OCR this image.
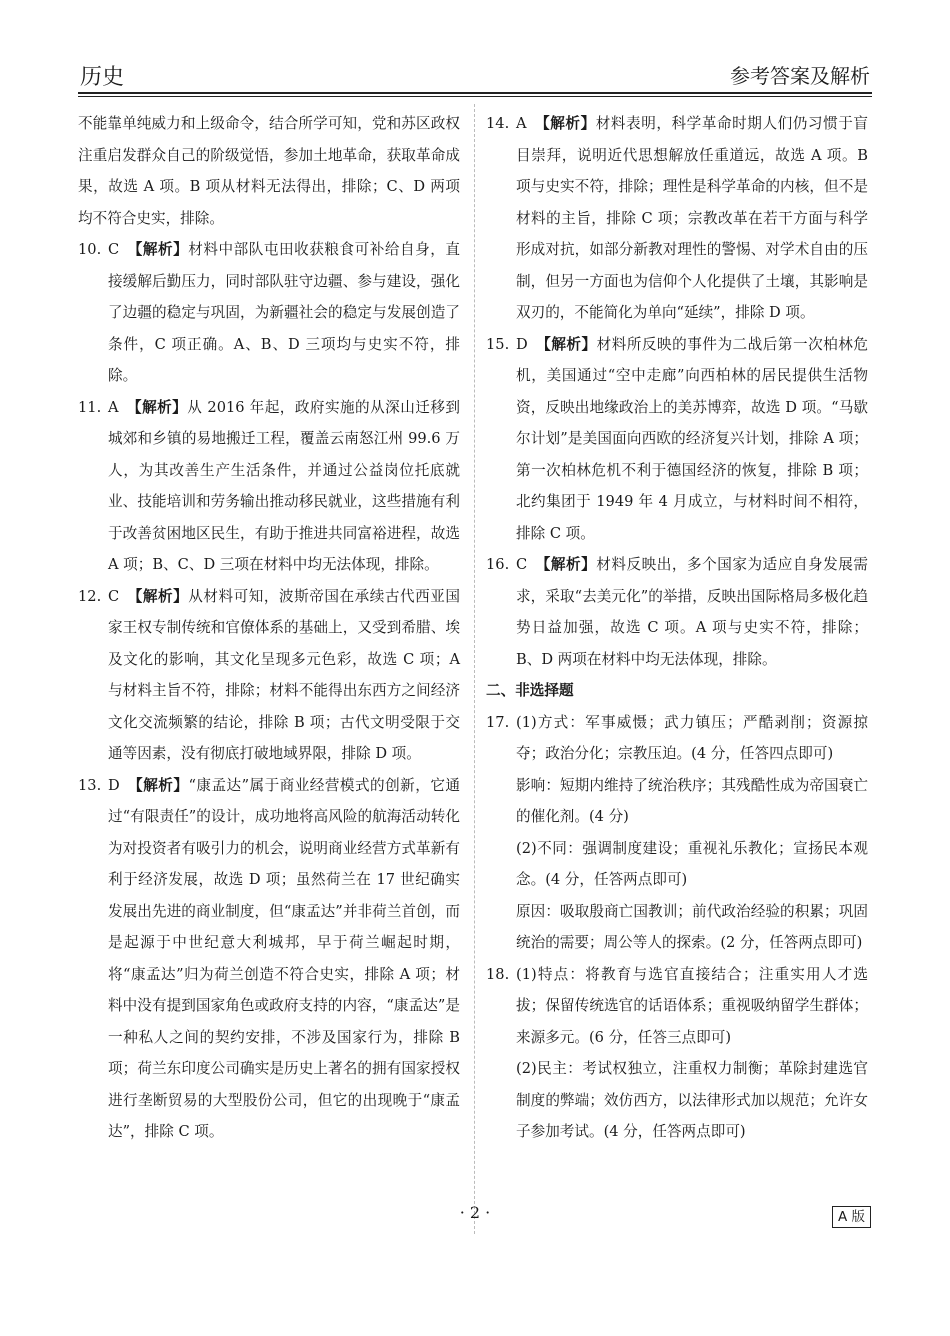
历史	参考答案及解析
不能靠单纯威力和上级命令，结合所学可知，党和苏区政权注重启发群众自己的阶级觉悟，参加土地革命，获取革命成果，故选 A 项。B 项从材料无法得出，排除；C、D 两项均不符合史实，排除。
10. C 【解析】材料中部队屯田收获粮食可补给自身，直接缓解后勤压力，同时部队驻守边疆、参与建设，强化了边疆的稳定与巩固，为新疆社会的稳定与发展创造了条件，C 项正确。A、B、D 三项均与史实不符，排除。
11. A 【解析】从 2016 年起，政府实施的从深山迁移到城郊和乡镇的易地搬迁工程，覆盖云南怒江州 99.6 万人，为其改善生产生活条件，并通过公益岗位托底就业、技能培训和劳务输出推动移民就业，这些措施有利于改善贫困地区民生，有助于推进共同富裕进程，故选 A 项；B、C、D 三项在材料中均无法体现，排除。
12. C 【解析】从材料可知，波斯帝国在承续古代西亚国家王权专制传统和官僚体系的基础上，又受到希腊、埃及文化的影响，其文化呈现多元色彩，故选 C 项；A 与材料主旨不符，排除；材料不能得出东西方之间经济文化交流频繁的结论，排除 B 项；古代文明受限于交通等因素，没有彻底打破地域界限，排除 D 项。
13. D 【解析】“康孟达”属于商业经营模式的创新，它通过“有限责任”的设计，成功地将高风险的航海活动转化为对投资者有吸引力的机会，说明商业经营方式革新有利于经济发展，故选 D 项；虽然荷兰在 17 世纪确实发展出先进的商业制度，但“康孟达”并非荷兰首创，而是起源于中世纪意大利城邦，早于荷兰崛起时期，将“康孟达”归为荷兰创造不符合史实，排除 A 项；材料中没有提到国家角色或政府支持的内容，“康孟达”是一种私人之间的契约安排，不涉及国家行为，排除 B 项；荷兰东印度公司确实是历史上著名的拥有国家授权进行垄断贸易的大型股份公司，但它的出现晚于“康孟达”，排除 C 项。
14. A 【解析】材料表明，科学革命时期人们仍习惯于盲目崇拜，说明近代思想解放任重道远，故选 A 项。B 项与史实不符，排除；理性是科学革命的内核，但不是材料的主旨，排除 C 项；宗教改革在若干方面与科学形成对抗，如部分新教对理性的警惕、对学术自由的压制，但另一方面也为信仰个人化提供了土壤，其影响是双刃的，不能简化为单向“延续”，排除 D 项。
15. D 【解析】材料所反映的事件为二战后第一次柏林危机，美国通过“空中走廊”向西柏林的居民提供生活物资，反映出地缘政治上的美苏博弈，故选 D 项。“马歇尔计划”是美国面向西欧的经济复兴计划，排除 A 项；第一次柏林危机不利于德国经济的恢复，排除 B 项；北约集团于 1949 年 4 月成立，与材料时间不相符，排除 C 项。
16. C 【解析】材料反映出，多个国家为适应自身发展需求，采取“去美元化”的举措，反映出国际格局多极化趋势日益加强，故选 C 项。A 项与史实不符，排除；B、D 两项在材料中均无法体现，排除。
二、非选择题
17. (1)方式：军事威慑；武力镇压；严酷剥削；资源掠夺；政治分化；宗教压迫。(4 分，任答四点即可)
影响：短期内维持了统治秩序；其残酷性成为帝国衰亡的催化剂。(4 分)
(2)不同：强调制度建设；重视礼乐教化；宣扬民本观念。(4 分，任答两点即可)
原因：吸取殷商亡国教训；前代政治经验的积累；巩固统治的需要；周公等人的探索。(2 分，任答两点即可)
18. (1)特点：将教育与选官直接结合；注重实用人才选拔；保留传统选官的话语体系；重视吸纳留学生群体；来源多元。(6 分，任答三点即可)
(2)民主：考试权独立，注重权力制衡；革除封建选官制度的弊端；效仿西方，以法律形式加以规范；允许女子参加考试。(4 分，任答两点即可)
· 2 ·	A 版
